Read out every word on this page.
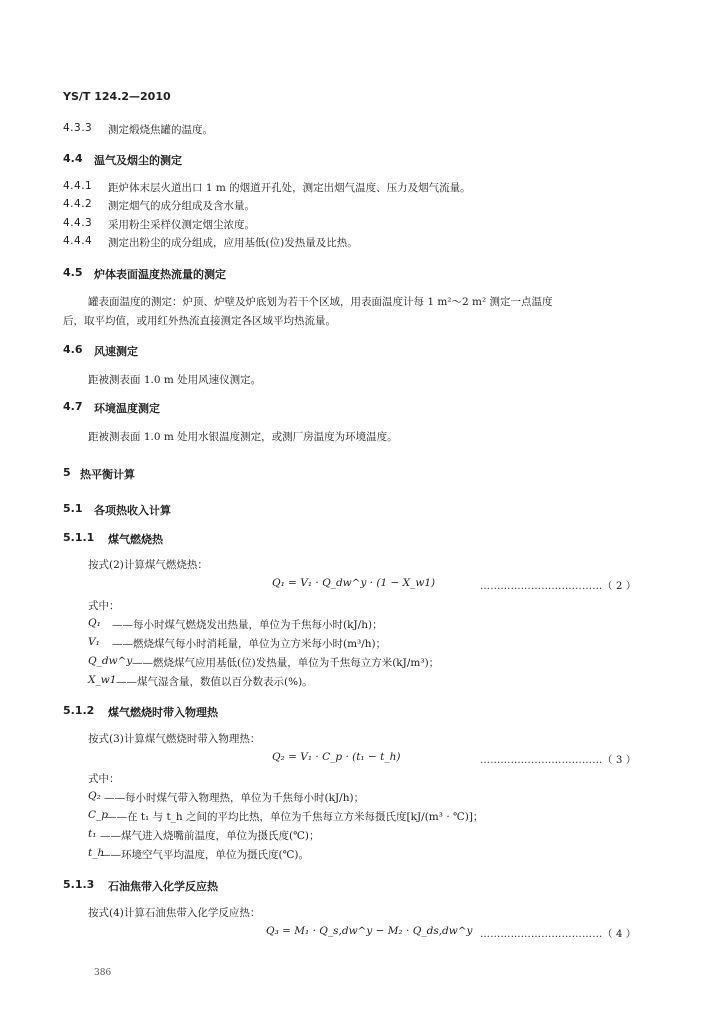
YS/T 124.2—2010
4.3.3 测定煅烧焦罐的温度。
4.4 温气及烟尘的测定
4.4.1 距炉体末层火道出口 1 m 的烟道开孔处，测定出烟气温度、压力及烟气流量。
4.4.2 测定烟气的成分组成及含水量。
4.4.3 采用粉尘采样仪测定烟尘浓度。
4.4.4 测定出粉尘的成分组成，应用基低(位)发热量及比热。
4.5 炉体表面温度热流量的测定
罐表面温度的测定：炉顶、炉壁及炉底划为若干个区域，用表面温度计每 1 m²～2 m² 测定一点温度
后，取平均值，或用红外热流直接测定各区域平均热流量。
4.6 风速测定
距被测表面 1.0 m 处用风速仪测定。
4.7 环境温度测定
距被测表面 1.0 m 处用水银温度测定，或测厂房温度为环境温度。
5 热平衡计算
5.1 各项热收入计算
5.1.1 煤气燃烧热
按式(2)计算煤气燃烧热：
Q₁ = V₁ · Q_dw^y · (1 − X_w1)	………………………………（ 2 ）
式中：
Q₁ ——每小时煤气燃烧发出热量，单位为千焦每小时(kJ/h)；
V₁ ——燃烧煤气每小时消耗量，单位为立方米每小时(m³/h)；
Q_dw^y ——燃烧煤气应用基低(位)发热量，单位为千焦每立方米(kJ/m³)；
X_w1 ——煤气湿含量，数值以百分数表示(%)。
5.1.2 煤气燃烧时带入物理热
按式(3)计算煤气燃烧时带入物理热：
Q₂ = V₁ · C_p · (t₁ − t_h)	………………………………（ 3 ）
式中：
Q₂ ——每小时煤气带入物理热，单位为千焦每小时(kJ/h)；
C_p
——在 t₁ 与 t_h 之间的平均比热，单位为千焦每立方米每摄氏度[kJ/(m³ · ℃)]；
t₁ ——煤气进入烧嘴前温度，单位为摄氏度(℃)；
t_h
——环境空气平均温度，单位为摄氏度(℃)。
5.1.3 石油焦带入化学反应热
按式(4)计算石油焦带入化学反应热：
Q₃ = M₁ · Q_s,dw^y − M₂ · Q_ds,dw^y ………………………………（ 4 ）
386
